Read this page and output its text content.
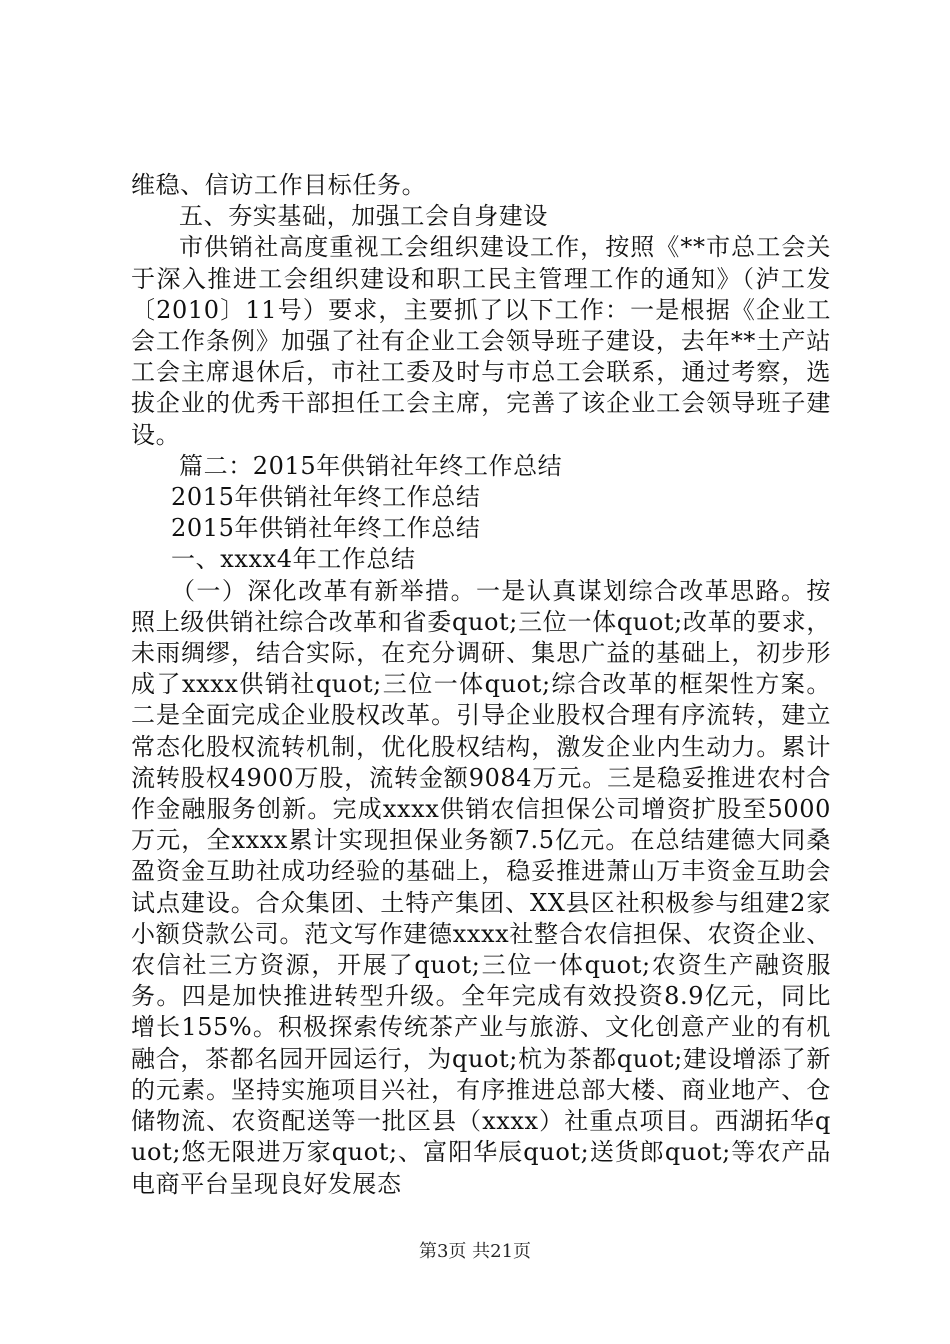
维稳、信访工作目标任务。

五、夯实基础，加强工会自身建设

市供销社高度重视工会组织建设工作，按照《**市总工会关于深入推进工会组织建设和职工民主管理工作的通知》（泸工发〔2010〕11号）要求，主要抓了以下工作：一是根据《企业工会工作条例》加强了社有企业工会领导班子建设，去年**土产站工会主席退休后，市社工委及时与市总工会联系，通过考察，选拔企业的优秀干部担任工会主席，完善了该企业工会领导班子建设。

篇二：2015年供销社年终工作总结

2015年供销社年终工作总结

2015年供销社年终工作总结

一、xxxx4年工作总结

（一）深化改革有新举措。一是认真谋划综合改革思路。按照上级供销社综合改革和省委quot;三位一体quot;改革的要求，未雨绸缪，结合实际，在充分调研、集思广益的基础上，初步形成了xxxx供销社quot;三位一体quot;综合改革的框架性方案。二是全面完成企业股权改革。引导企业股权合理有序流转，建立常态化股权流转机制，优化股权结构，激发企业内生动力。累计流转股权4900万股，流转金额9084万元。三是稳妥推进农村合作金融服务创新。完成xxxx供销农信担保公司增资扩股至5000万元，全xxxx累计实现担保业务额7.5亿元。在总结建德大同桑盈资金互助社成功经验的基础上，稳妥推进萧山万丰资金互助会试点建设。合众集团、土特产集团、XX县区社积极参与组建2家小额贷款公司。范文写作建德xxxx社整合农信担保、农资企业、农信社三方资源，开展了quot;三位一体quot;农资生产融资服务。四是加快推进转型升级。全年完成有效投资8.9亿元，同比增长155%。积极探索传统茶产业与旅游、文化创意产业的有机融合，茶都名园开园运行，为quot;杭为茶都quot;建设增添了新的元素。坚持实施项目兴社，有序推进总部大楼、商业地产、仓储物流、农资配送等一批区县（xxxx）社重点项目。西湖拓华quot;悠无限进万家quot;、富阳华辰quot;送货郎quot;等农产品电商平台呈现良好发展态

第3页 共21页
